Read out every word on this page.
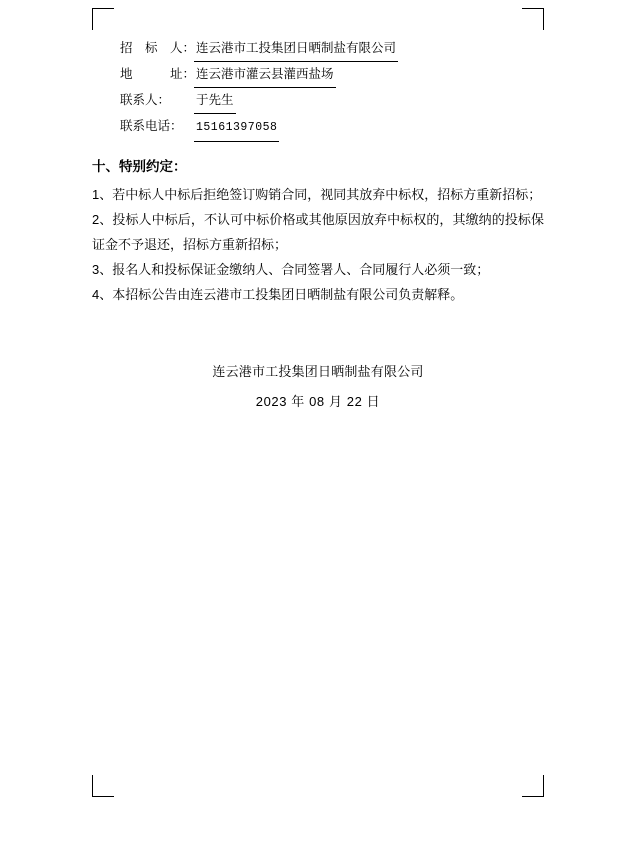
招　标　人： 连云港市工投集团日晒制盐有限公司
地　　　址： 连云港市灌云县灌西盐场
联系人：	于先生
联系电话：	15161397058
十、特别约定：
1、若中标人中标后拒绝签订购销合同，视同其放弃中标权，招标方重新招标；
2、投标人中标后，不认可中标价格或其他原因放弃中标权的，其缴纳的投标保证金不予退还，招标方重新招标；
3、报名人和投标保证金缴纳人、合同签署人、合同履行人必须一致；
4、本招标公告由连云港市工投集团日晒制盐有限公司负责解释。
连云港市工投集团日晒制盐有限公司
2023 年 08 月 22 日
